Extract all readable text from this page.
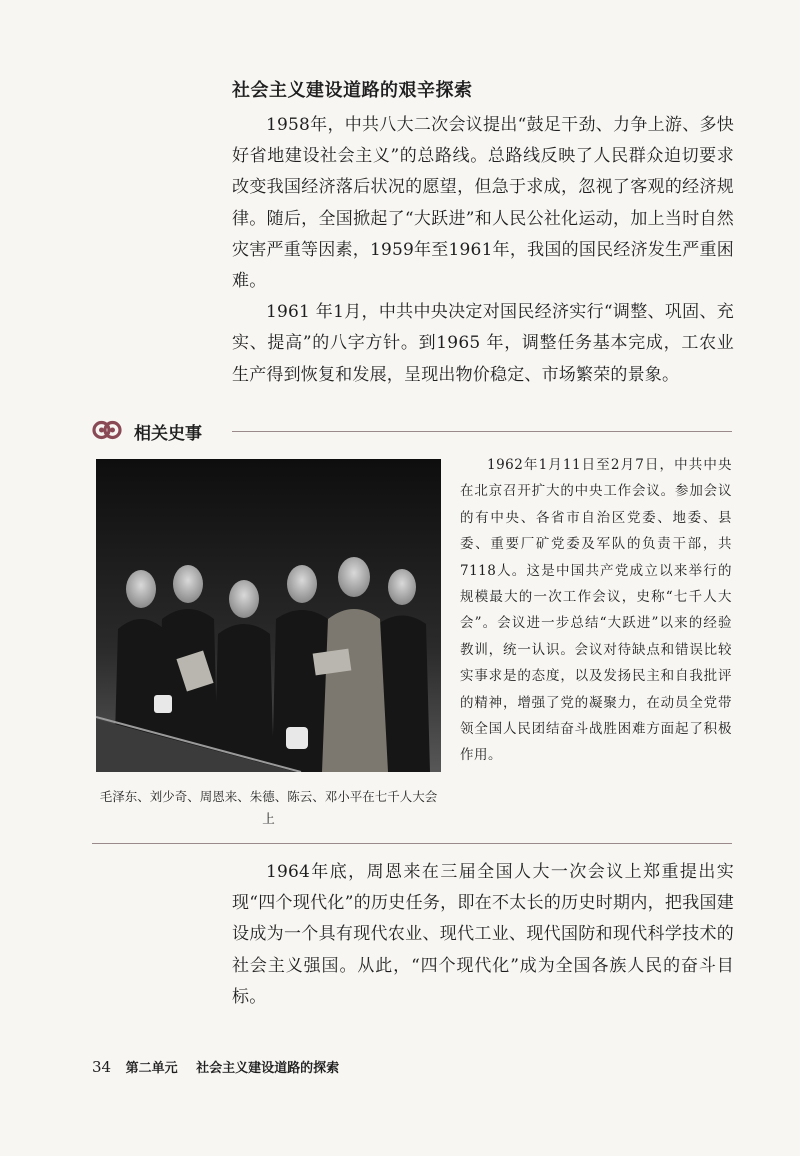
社会主义建设道路的艰辛探索

1958年，中共八大二次会议提出“鼓足干劲、力争上游、多快好省地建设社会主义”的总路线。总路线反映了人民群众迫切要求改变我国经济落后状况的愿望，但急于求成，忽视了客观的经济规律。随后，全国掀起了“大跃进”和人民公社化运动，加上当时自然灾害严重等因素，1959年至1961年，我国的国民经济发生严重困难。

1961 年1月，中共中央决定对国民经济实行“调整、巩固、充实、提高”的八字方针。到1965 年，调整任务基本完成，工农业生产得到恢复和发展，呈现出物价稳定、市场繁荣的景象。

相关史事
毛泽东、刘少奇、周恩来、朱德、陈云、邓小平在七千人大会上

1962年1月11日至2月7日，中共中央在北京召开扩大的中央工作会议。参加会议的有中央、各省市自治区党委、地委、县委、重要厂矿党委及军队的负责干部，共7118人。这是中国共产党成立以来举行的规模最大的一次工作会议，史称“七千人大会”。会议进一步总结“大跃进”以来的经验教训，统一认识。会议对待缺点和错误比较实事求是的态度，以及发扬民主和自我批评的精神，增强了党的凝聚力，在动员全党带领全国人民团结奋斗战胜困难方面起了积极作用。

1964年底，周恩来在三届全国人大一次会议上郑重提出实现“四个现代化”的历史任务，即在不太长的历史时期内，把我国建设成为一个具有现代农业、现代工业、现代国防和现代科学技术的社会主义强国。从此，“四个现代化”成为全国各族人民的奋斗目标。

34 第二单元 社会主义建设道路的探索
